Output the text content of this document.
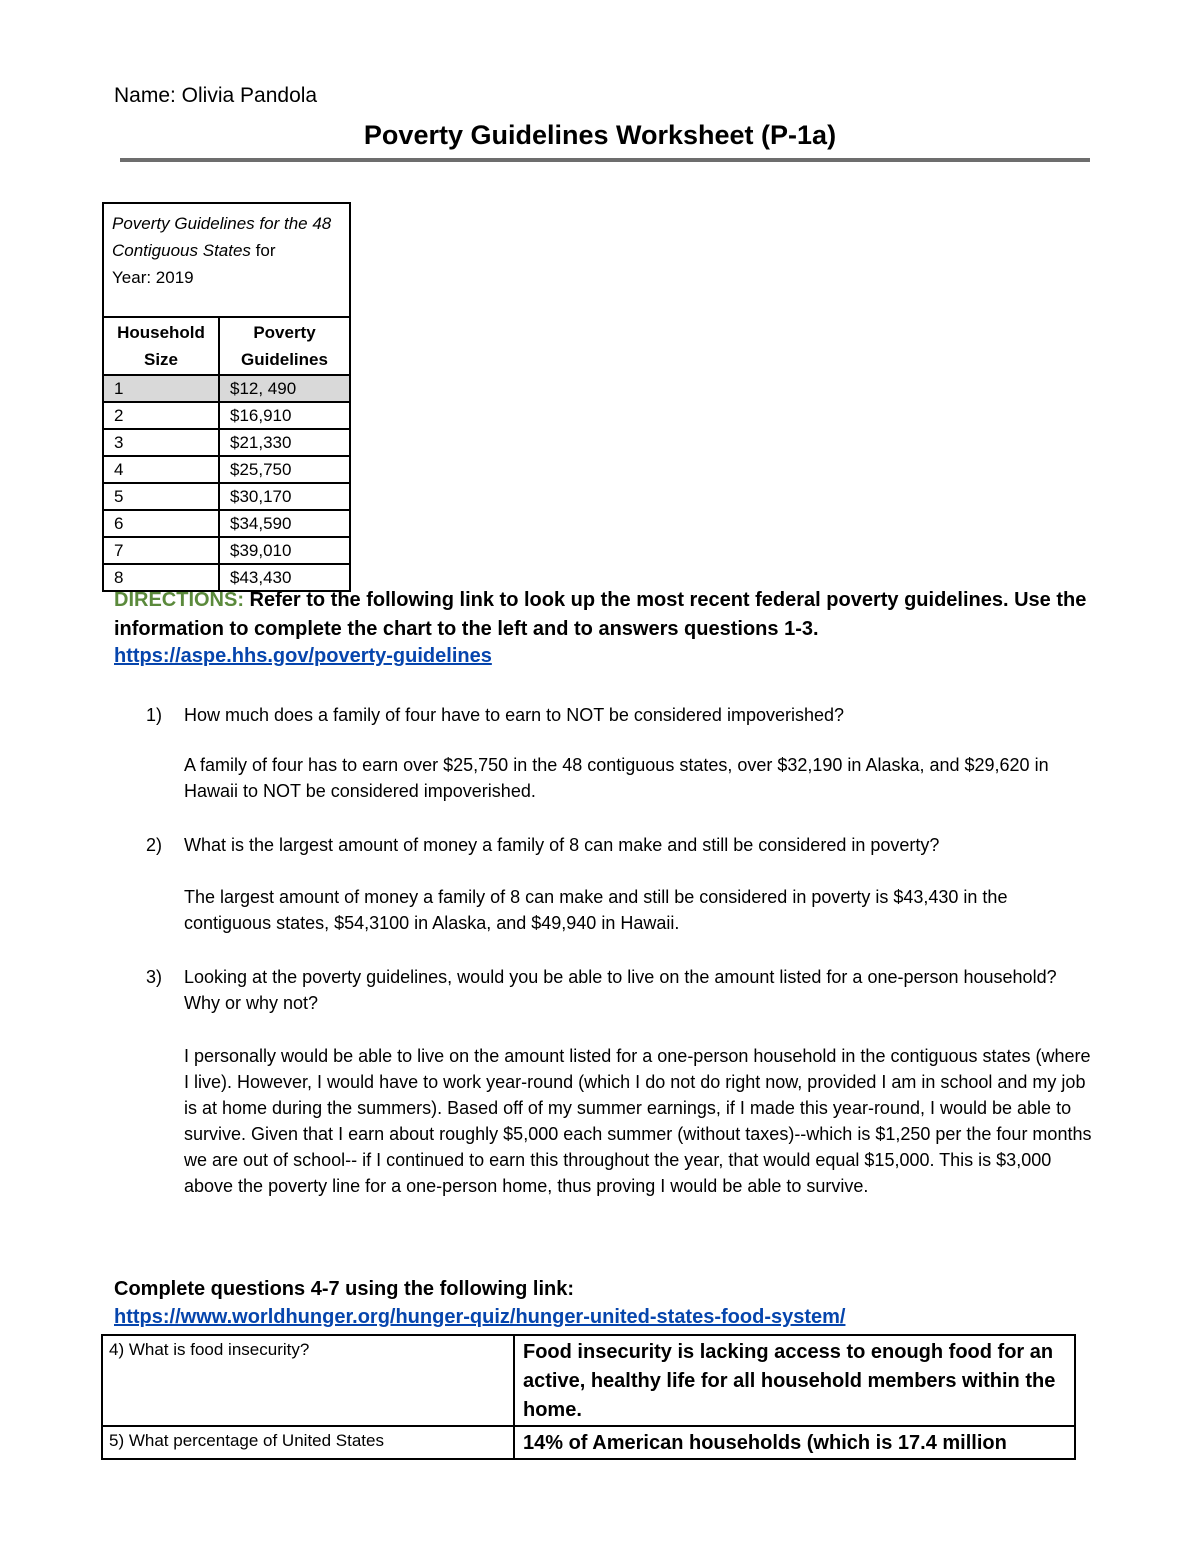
Name: Olivia Pandola
Poverty Guidelines Worksheet (P-1a)
Poverty Guidelines for the 48 Contiguous States for
Year: 2019	
Household Size	Poverty Guidelines
1	$12, 490
2	$16,910
3	$21,330
4	$25,750
5	$30,170
6	$34,590
7	$39,010
8	$43,430
DIRECTIONS: Refer to the following link to look up the most recent federal poverty guidelines. Use the information to complete the chart to the left and to answers questions 1-3.
https://aspe.hhs.gov/poverty-guidelines
1) How much does a family of four have to earn to NOT be considered impoverished?
A family of four has to earn over $25,750 in the 48 contiguous states, over $32,190 in Alaska, and $29,620 in Hawaii to NOT be considered impoverished.
2) What is the largest amount of money a family of 8 can make and still be considered in poverty?
The largest amount of money a family of 8 can make and still be considered in poverty is $43,430 in the contiguous states, $54,3100 in Alaska, and $49,940 in Hawaii.
3) Looking at the poverty guidelines, would you be able to live on the amount listed for a one-person household? Why or why not?
I personally would be able to live on the amount listed for a one-person household in the contiguous states (where I live). However, I would have to work year-round (which I do not do right now, provided I am in school and my job is at home during the summers). Based off of my summer earnings, if I made this year-round, I would be able to survive. Given that I earn about roughly $5,000 each summer (without taxes)--which is $1,250 per the four months we are out of school-- if I continued to earn this throughout the year, that would equal $15,000. This is $3,000 above the poverty line for a one-person home, thus proving I would be able to survive.
Complete questions 4-7 using the following link:
https://www.worldhunger.org/hunger-quiz/hunger-united-states-food-system/
4) What is food insecurity?	Food insecurity is lacking access to enough food for an active, healthy life for all household members within the home.
5) What percentage of United States	14% of American households (which is 17.4 million
